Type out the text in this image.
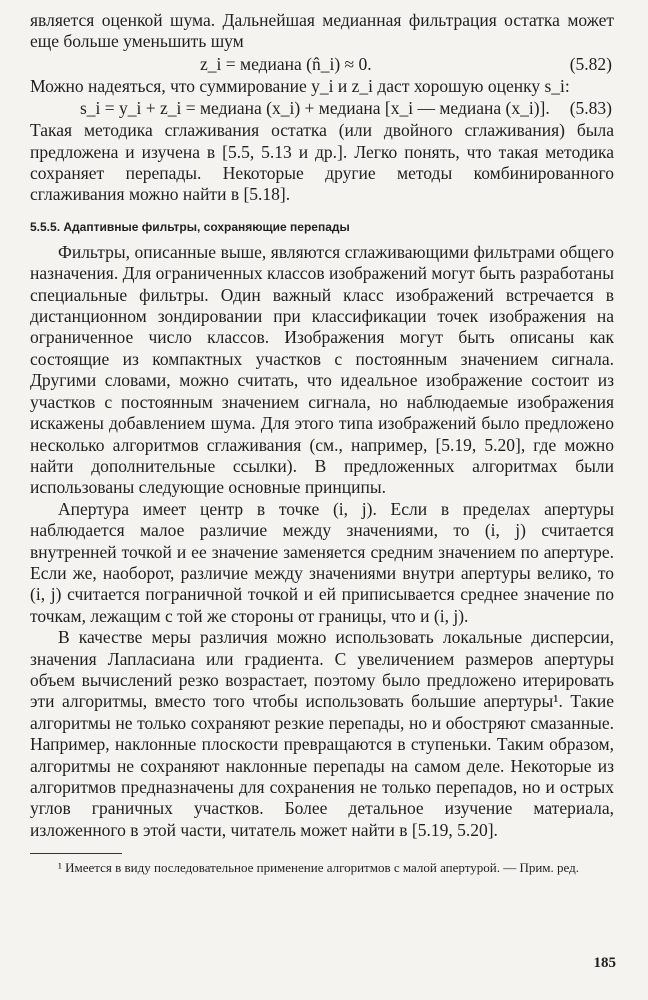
является оценкой шума. Дальнейшая медианная фильтрация остатка может еще больше уменьшить шум

z_i = медиана (n̂_i) ≈ 0.	(5.82)

Можно надеяться, что суммирование y_i и z_i даст хорошую оценку s_i:

s_i = y_i + z_i = медиана (x_i) + медиана [x_i — медиана (x_i)].	(5.83)

Такая методика сглаживания остатка (или двойного сглаживания) была предложена и изучена в [5.5, 5.13 и др.]. Легко понять, что такая методика сохраняет перепады. Некоторые другие методы комбинированного сглаживания можно найти в [5.18].

5.5.5. Адаптивные фильтры, сохраняющие перепады

Фильтры, описанные выше, являются сглаживающими фильтрами общего назначения. Для ограниченных классов изображений могут быть разработаны специальные фильтры. Один важный класс изображений встречается в дистанционном зондировании при классификации точек изображения на ограниченное число классов. Изображения могут быть описаны как состоящие из компактных участков с постоянным значением сигнала. Другими словами, можно считать, что идеальное изображение состоит из участков с постоянным значением сигнала, но наблюдаемые изображения искажены добавлением шума. Для этого типа изображений было предложено несколько алгоритмов сглаживания (см., например, [5.19, 5.20], где можно найти дополнительные ссылки). В предложенных алгоритмах были использованы следующие основные принципы.

Апертура имеет центр в точке (i, j). Если в пределах апертуры наблюдается малое различие между значениями, то (i, j) считается внутренней точкой и ее значение заменяется средним значением по апертуре. Если же, наоборот, различие между значениями внутри апертуры велико, то (i, j) считается пограничной точкой и ей приписывается среднее значение по точкам, лежащим с той же стороны от границы, что и (i, j).

В качестве меры различия можно использовать локальные дисперсии, значения Лапласиана или градиента. С увеличением размеров апертуры объем вычислений резко возрастает, поэтому было предложено итерировать эти алгоритмы, вместо того чтобы использовать большие апертуры¹. Такие алгоритмы не только сохраняют резкие перепады, но и обостряют смазанные. Например, наклонные плоскости превращаются в ступеньки. Таким образом, алгоритмы не сохраняют наклонные перепады на самом деле. Некоторые из алгоритмов предназначены для сохранения не только перепадов, но и острых углов граничных участков. Более детальное изучение материала, изложенного в этой части, читатель может найти в [5.19, 5.20].

¹ Имеется в виду последовательное применение алгоритмов с малой апертурой. — Прим. ред.

185
